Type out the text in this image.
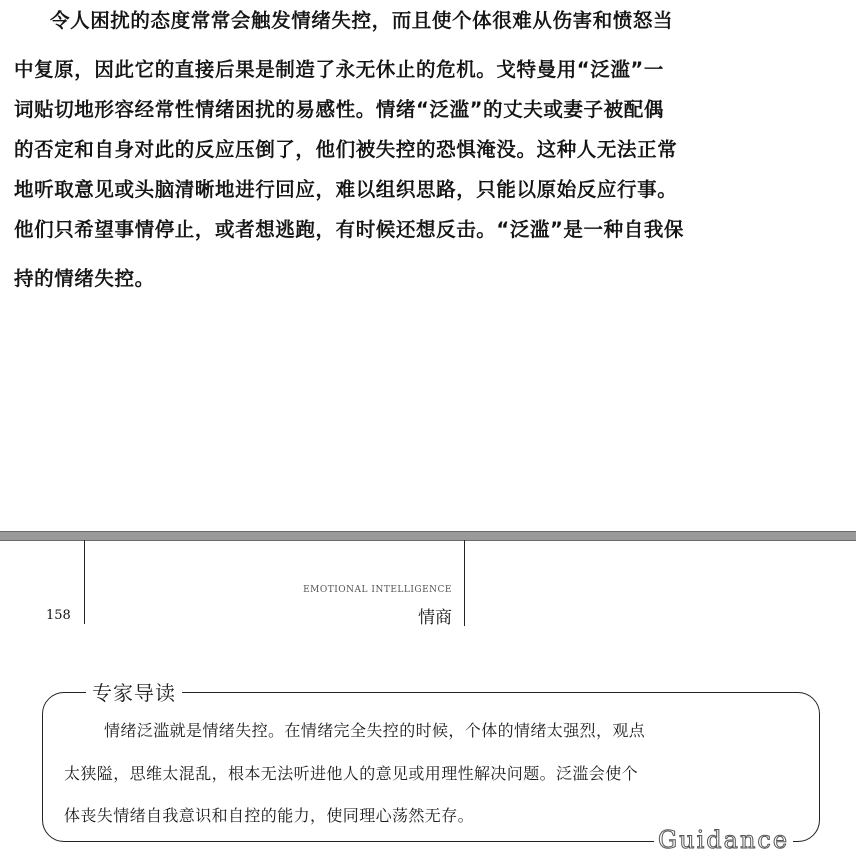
令人困扰的态度常常会触发情绪失控，而且使个体很难从伤害和愤怒当
中复原，因此它的直接后果是制造了永无休止的危机。戈特曼用“泛滥”一
词贴切地形容经常性情绪困扰的易感性。情绪“泛滥”的丈夫或妻子被配偶
的否定和自身对此的反应压倒了，他们被失控的恐惧淹没。这种人无法正常
地听取意见或头脑清晰地进行回应，难以组织思路，只能以原始反应行事。
他们只希望事情停止，或者想逃跑，有时候还想反击。“泛滥”是一种自我保
持的情绪失控。
158
EMOTIONAL INTELLIGENCE
情商
专家导读
情绪泛滥就是情绪失控。在情绪完全失控的时候，个体的情绪太强烈，观点
太狭隘，思维太混乱，根本无法听进他人的意见或用理性解决问题。泛滥会使个
体丧失情绪自我意识和自控的能力，使同理心荡然无存。
Guidance
